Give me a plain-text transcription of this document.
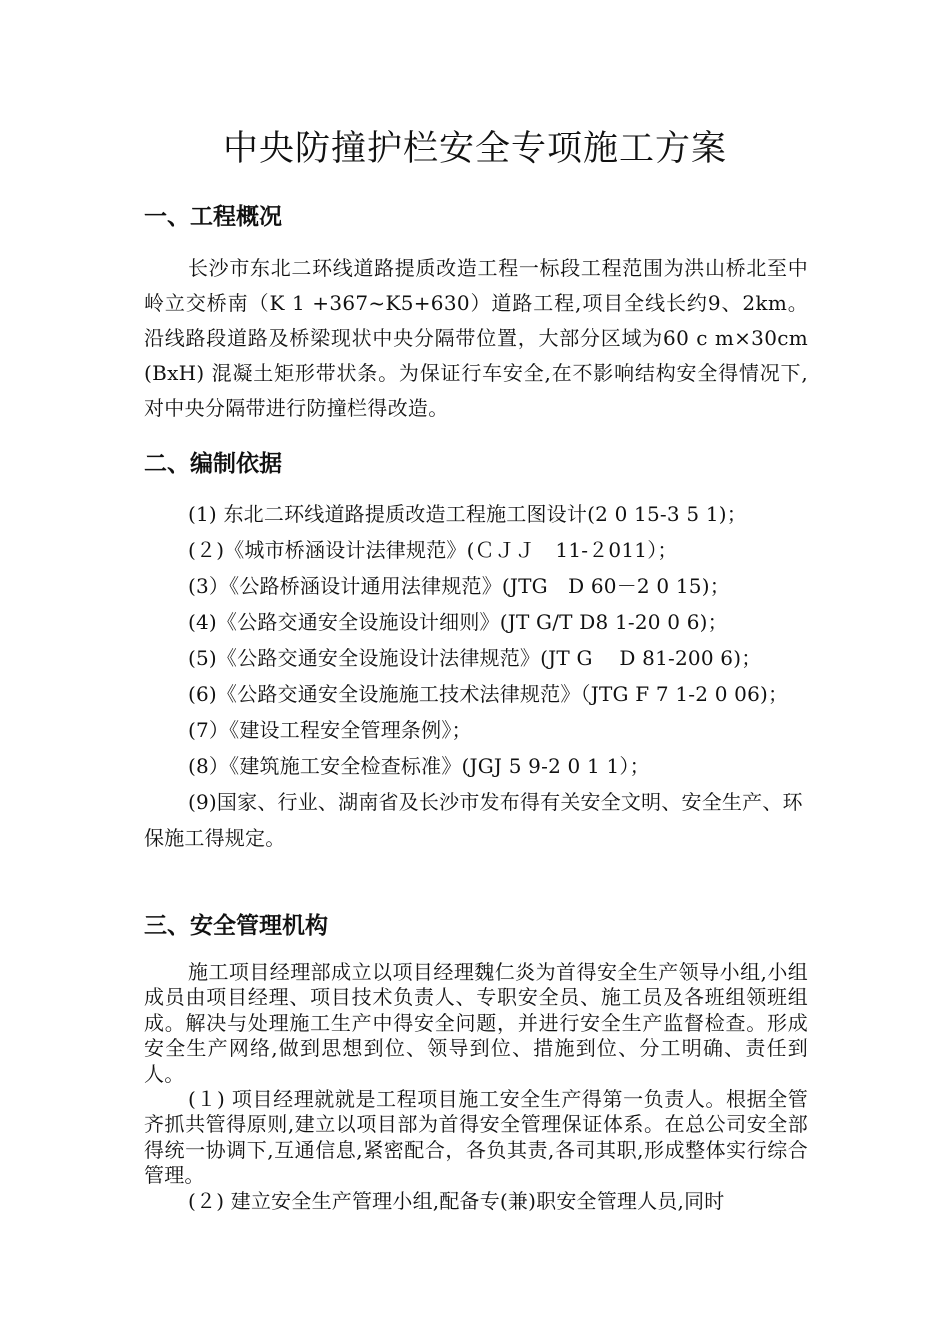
中央防撞护栏安全专项施工方案
一、工程概况

长沙市东北二环线道路提质改造工程一标段工程范围为洪山桥北至中岭立交桥南（K 1 +367~K5+630）道路工程,项目全线长约9、2km。沿线路段道路及桥梁现状中央分隔带位置，大部分区域为60 c m×30cm(BxH) 混凝土矩形带状条。为保证行车安全,在不影响结构安全得情况下,对中央分隔带进行防撞栏得改造。

二、编制依据
(1) 东北二环线道路提质改造工程施工图设计(2 0 15-3 5 1)；
(２)《城市桥涵设计法律规范》(ＣＪＪ　11-２011）；
(3）《公路桥涵设计通用法律规范》(JTG　D 60－2 0 15)；
(4)《公路交通安全设施设计细则》(JT G/T D8 1-20 0 6)；
(5)《公路交通安全设施设计法律规范》(JT G　 D 81-200 6)；
(6)《公路交通安全设施施工技术法律规范》（JTG F 7 1-2 0 06)；
(7）《建设工程安全管理条例》；
(8）《建筑施工安全检查标准》(JGJ 5 9-2 0 1 1）；
(9)国家、行业、湖南省及长沙市发布得有关安全文明、安全生产、环保施工得规定。
三、安全管理机构

施工项目经理部成立以项目经理魏仁炎为首得安全生产领导小组,小组成员由项目经理、项目技术负责人、专职安全员、施工员及各班组领班组成。解决与处理施工生产中得安全问题，并进行安全生产监督检查。形成安全生产网络,做到思想到位、领导到位、措施到位、分工明确、责任到人。

(１) 项目经理就就是工程项目施工安全生产得第一负责人。根据全管齐抓共管得原则,建立以项目部为首得安全管理保证体系。在总公司安全部得统一协调下,互通信息,紧密配合，各负其责,各司其职,形成整体实行综合管理。

(２) 建立安全生产管理小组,配备专(兼)职安全管理人员,同时
